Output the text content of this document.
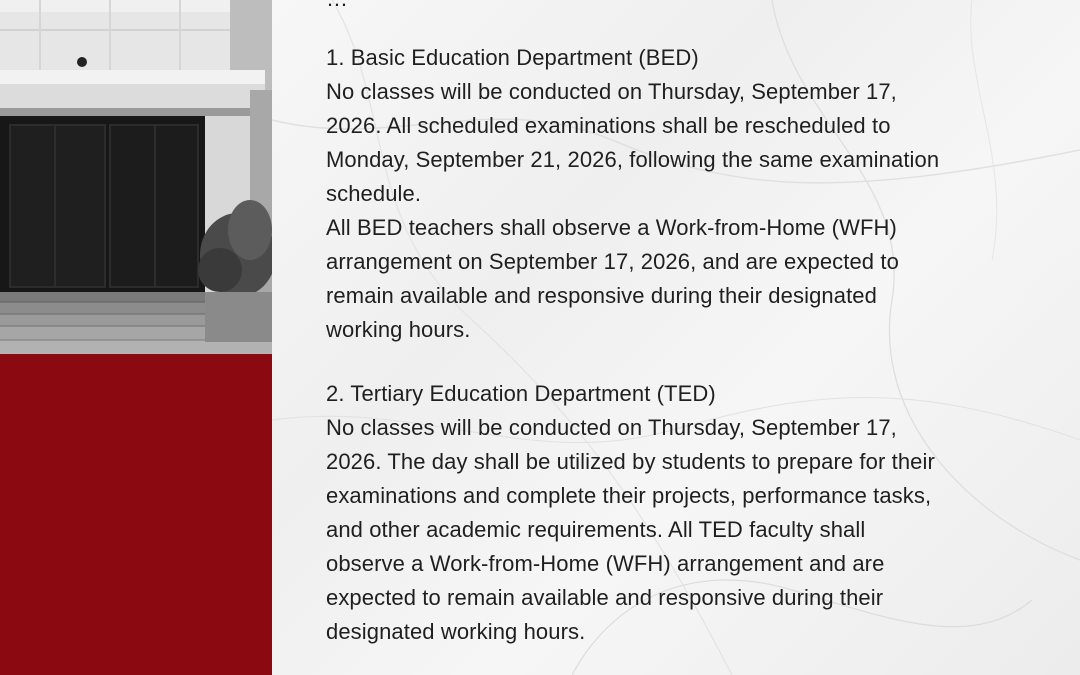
1. Basic Education Department (BED)
No classes will be conducted on Thursday, September 17,
2026. All scheduled examinations shall be rescheduled to
Monday, September 21, 2026, following the same examination
schedule.
All BED teachers shall observe a Work-from-Home (WFH)
arrangement on September 17, 2026, and are expected to
remain available and responsive during their designated
working hours.
2. Tertiary Education Department (TED)
No classes will be conducted on Thursday, September 17,
2026. The day shall be utilized by students to prepare for their
examinations and complete their projects, performance tasks,
and other academic requirements. All TED faculty shall
observe a Work-from-Home (WFH) arrangement and are
expected to remain available and responsive during their
designated working hours.
